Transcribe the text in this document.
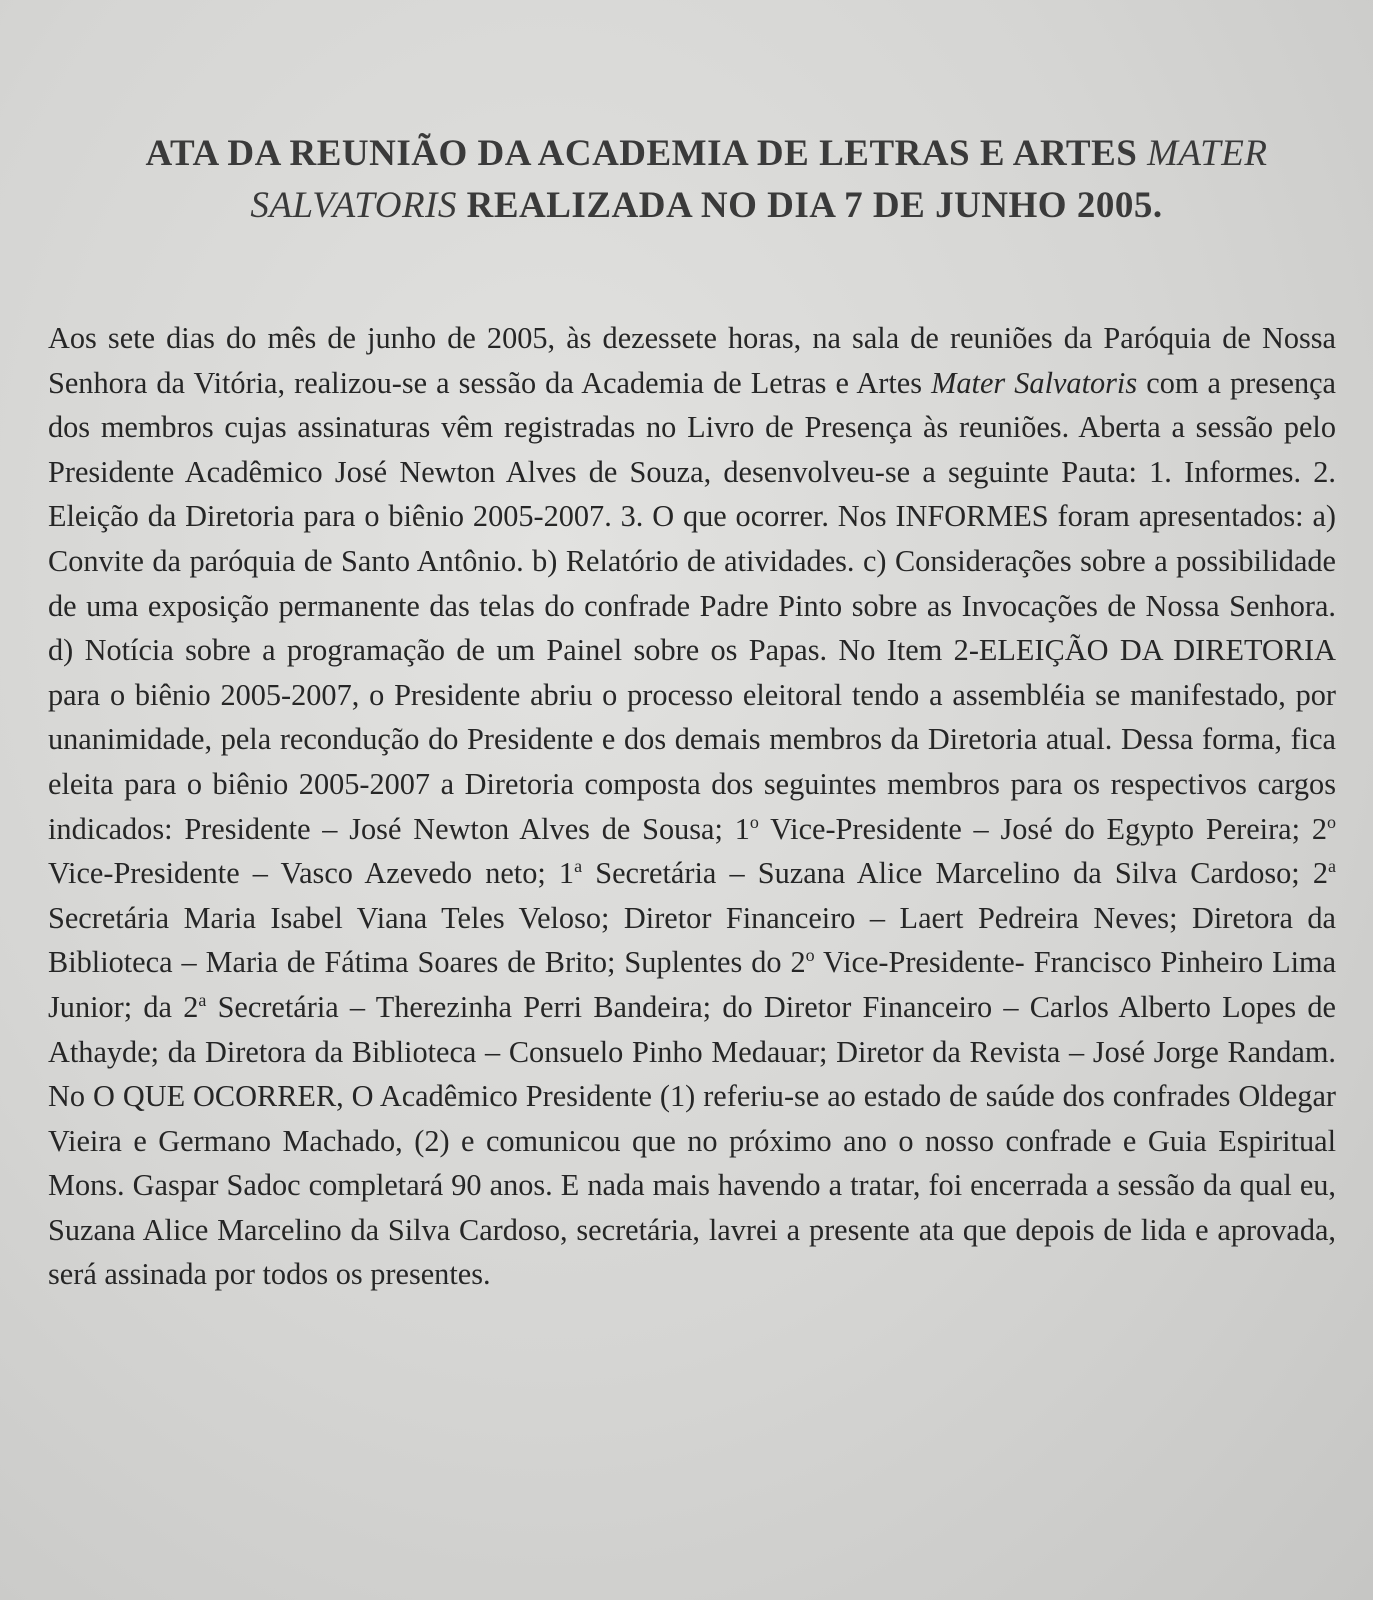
ATA DA REUNIÃO DA ACADEMIA DE LETRAS E ARTES MATER SALVATORIS REALIZADA NO DIA 7 DE JUNHO 2005.
Aos sete dias do mês de junho de 2005, às dezessete horas, na sala de reuniões da Paróquia de Nossa Senhora da Vitória, realizou-se a sessão da Academia de Letras e Artes Mater Salvatoris com a presença dos membros cujas assinaturas vêm registradas no Livro de Presença às reuniões. Aberta a sessão pelo Presidente Acadêmico José Newton Alves de Souza, desenvolveu-se a seguinte Pauta: 1. Informes. 2. Eleição da Diretoria para o biênio 2005-2007. 3. O que ocorrer. Nos INFORMES foram apresentados: a) Convite da paróquia de Santo Antônio. b) Relatório de atividades. c) Considerações sobre a possibilidade de uma exposição permanente das telas do confrade Padre Pinto sobre as Invocações de Nossa Senhora. d) Notícia sobre a programação de um Painel sobre os Papas. No Item 2-ELEIÇÃO DA DIRETORIA para o biênio 2005-2007, o Presidente abriu o processo eleitoral tendo a assembléia se manifestado, por unanimidade, pela recondução do Presidente e dos demais membros da Diretoria atual. Dessa forma, fica eleita para o biênio 2005-2007 a Diretoria composta dos seguintes membros para os respectivos cargos indicados: Presidente – José Newton Alves de Sousa; 1$^o$ Vice-Presidente – José do Egypto Pereira; 2$^o$ Vice-Presidente – Vasco Azevedo neto; 1$^a$ Secretária – Suzana Alice Marcelino da Silva Cardoso; 2$^a$ Secretária Maria Isabel Viana Teles Veloso; Diretor Financeiro – Laert Pedreira Neves; Diretora da Biblioteca – Maria de Fátima Soares de Brito; Suplentes do 2$^o$ Vice-Presidente- Francisco Pinheiro Lima Junior; da 2$^a$ Secretária – Therezinha Perri Bandeira; do Diretor Financeiro – Carlos Alberto Lopes de Athayde; da Diretora da Biblioteca – Consuelo Pinho Medauar; Diretor da Revista – José Jorge Randam. No O QUE OCORRER, O Acadêmico Presidente (1) referiu-se ao estado de saúde dos confrades Oldegar Vieira e Germano Machado, (2) e comunicou que no próximo ano o nosso confrade e Guia Espiritual Mons. Gaspar Sadoc completará 90 anos. E nada mais havendo a tratar, foi encerrada a sessão da qual eu, Suzana Alice Marcelino da Silva Cardoso, secretária, lavrei a presente ata que depois de lida e aprovada, será assinada por todos os presentes.
